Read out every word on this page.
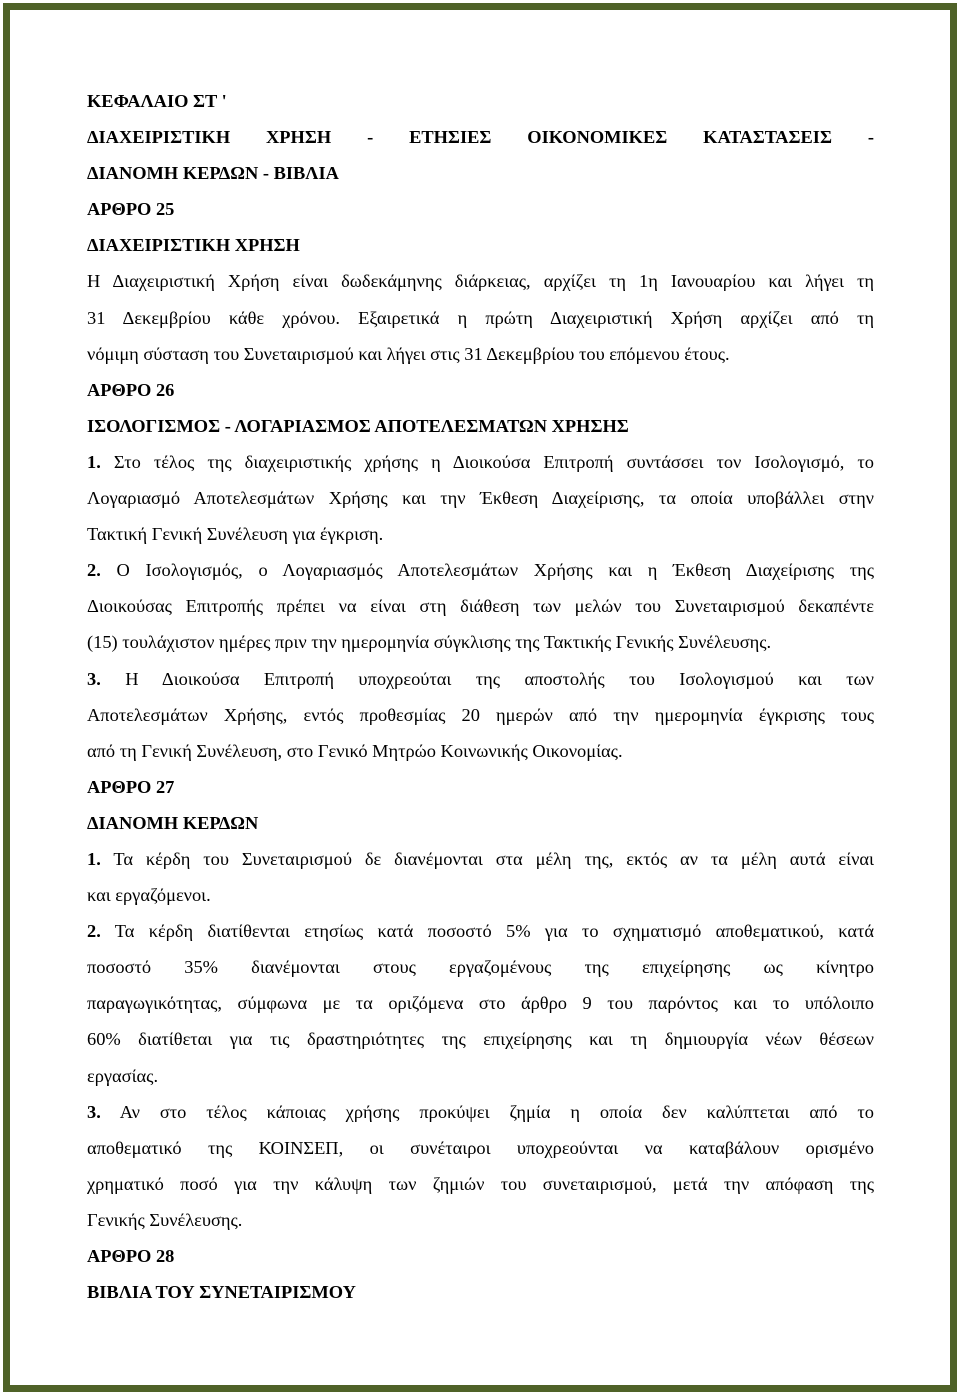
ΚΕΦΑΛΑΙΟ ΣΤ '

ΔΙΑΧΕΙΡΙΣΤΙΚΗ ΧΡΗΣΗ - ΕΤΗΣΙΕΣ ΟΙΚΟΝΟΜΙΚΕΣ ΚΑΤΑΣΤΑΣΕΙΣ -

ΔΙΑΝΟΜΗ ΚΕΡΔΩΝ - ΒΙΒΛΙΑ

ΑΡΘΡΟ 25

ΔΙΑΧΕΙΡΙΣΤΙΚΗ ΧΡΗΣΗ

Η Διαχειριστική Χρήση είναι δωδεκάμηνης διάρκειας, αρχίζει τη 1η Ιανουαρίου και λήγει τη

31 Δεκεμβρίου κάθε χρόνου. Εξαιρετικά η πρώτη Διαχειριστική Χρήση αρχίζει από τη

νόμιμη σύσταση του Συνεταιρισμού και λήγει στις 31 Δεκεμβρίου του επόμενου έτους.

ΑΡΘΡΟ 26

ΙΣΟΛΟΓΙΣΜΟΣ - ΛΟΓΑΡΙΑΣΜΟΣ ΑΠΟΤΕΛΕΣΜΑΤΩΝ ΧΡΗΣΗΣ

1. Στο τέλος της διαχειριστικής χρήσης η Διοικούσα Επιτροπή συντάσσει τον Ισολογισμό, το

Λογαριασμό Αποτελεσμάτων Χρήσης και την Έκθεση Διαχείρισης, τα οποία υποβάλλει στην

Τακτική Γενική Συνέλευση για έγκριση.

2. Ο Ισολογισμός, ο Λογαριασμός Αποτελεσμάτων Χρήσης και η Έκθεση Διαχείρισης της

Διοικούσας Επιτροπής πρέπει να είναι στη διάθεση των μελών του Συνεταιρισμού δεκαπέντε

(15) τουλάχιστον ημέρες πριν την ημερομηνία σύγκλισης της Τακτικής Γενικής Συνέλευσης.

3. Η Διοικούσα Επιτροπή υποχρεούται της αποστολής του Ισολογισμού και των

Αποτελεσμάτων Χρήσης, εντός προθεσμίας 20 ημερών από την ημερομηνία έγκρισης τους

από τη Γενική Συνέλευση, στο Γενικό Μητρώο Κοινωνικής Οικονομίας.

ΑΡΘΡΟ 27

ΔΙΑΝΟΜΗ ΚΕΡΔΩΝ

1. Τα κέρδη του Συνεταιρισμού δε διανέμονται στα μέλη της, εκτός αν τα μέλη αυτά είναι

και εργαζόμενοι.

2. Τα κέρδη διατίθενται ετησίως κατά ποσοστό 5% για το σχηματισμό αποθεματικού, κατά

ποσοστό 35% διανέμονται στους εργαζομένους της επιχείρησης ως κίνητρο

παραγωγικότητας, σύμφωνα με τα οριζόμενα στο άρθρο 9 του παρόντος και το υπόλοιπο

60% διατίθεται για τις δραστηριότητες της επιχείρησης και τη δημιουργία νέων θέσεων

εργασίας.

3. Αν στο τέλος κάποιας χρήσης προκύψει ζημία η οποία δεν καλύπτεται από το

αποθεματικό της ΚΟΙΝΣΕΠ, οι συνέταιροι υποχρεούνται να καταβάλουν ορισμένο

χρηματικό ποσό για την κάλυψη των ζημιών του συνεταιρισμού, μετά την απόφαση της

Γενικής Συνέλευσης.

ΑΡΘΡΟ 28

ΒΙΒΛΙΑ ΤΟΥ ΣΥΝΕΤΑΙΡΙΣΜΟΥ
